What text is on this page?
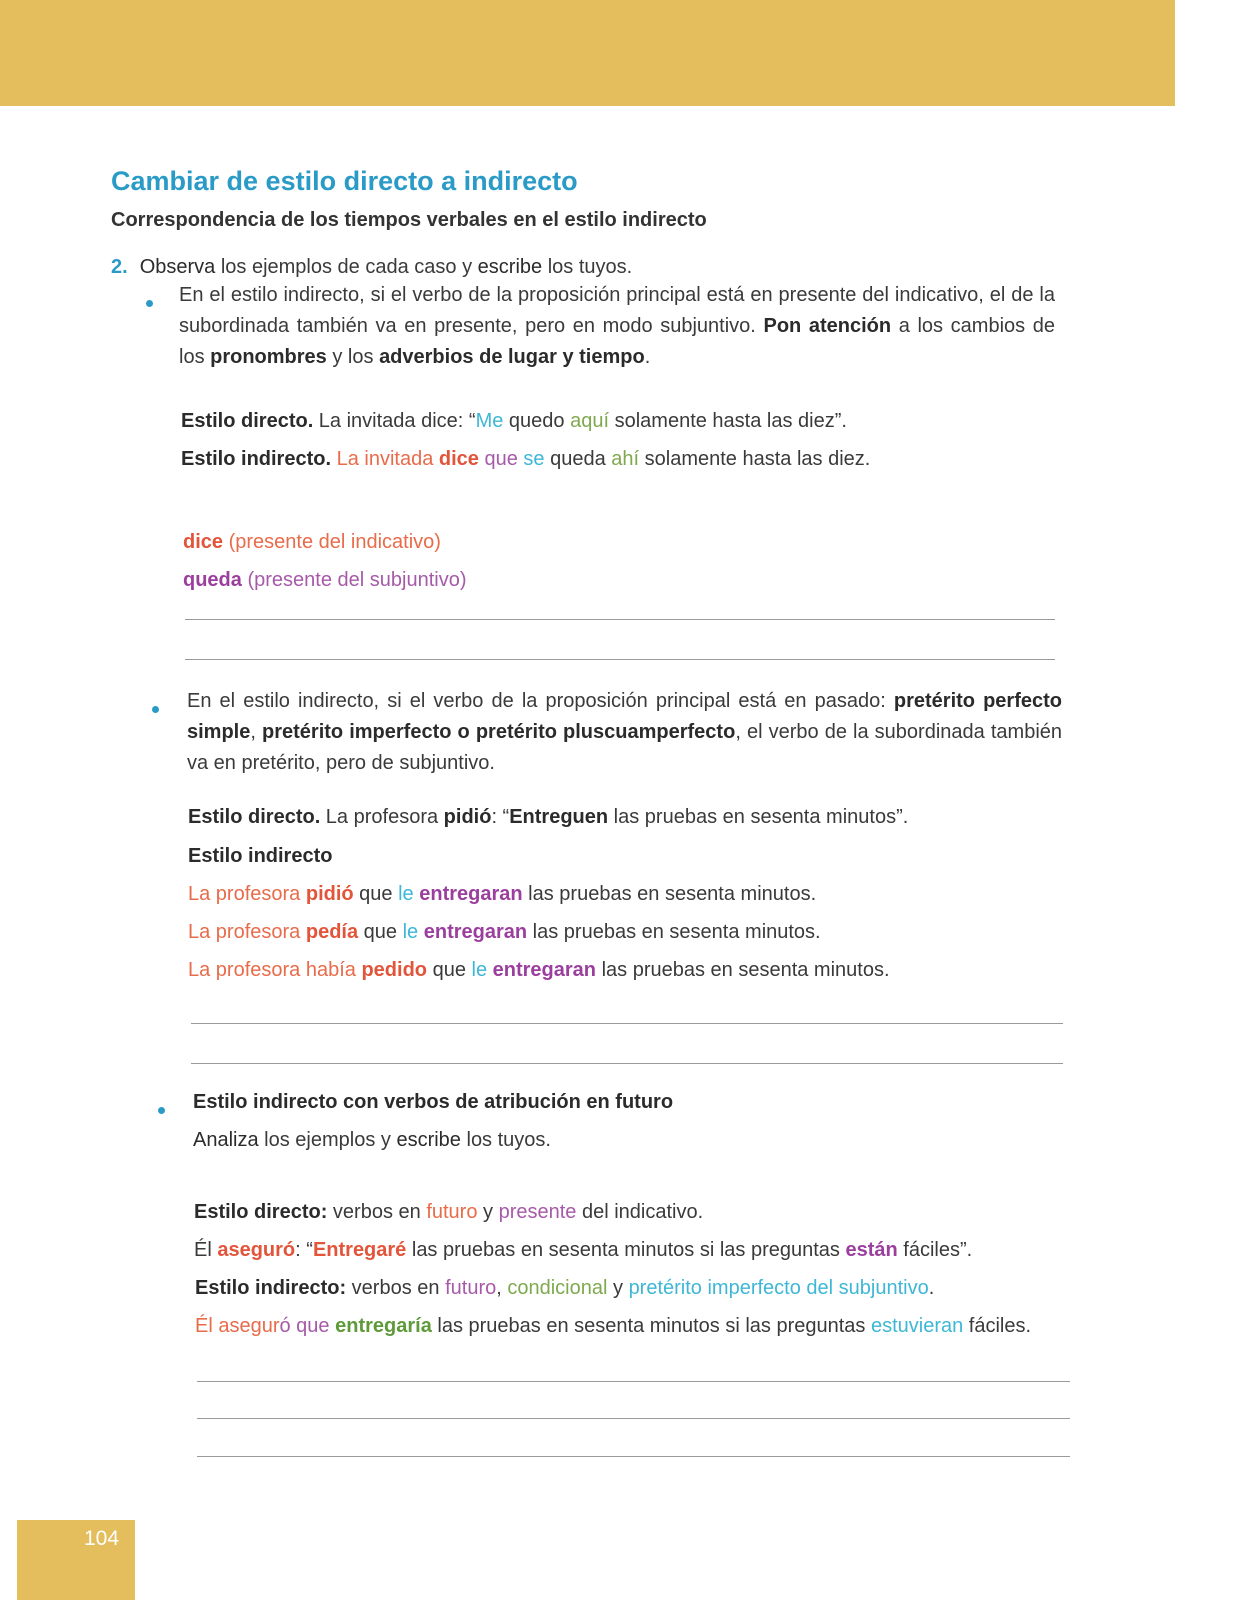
Cambiar de estilo directo a indirecto
Correspondencia de los tiempos verbales en el estilo indirecto
2. Observa los ejemplos de cada caso y escribe los tuyos.
En el estilo indirecto, si el verbo de la proposición principal está en presente del indicativo, el de la subordinada también va en presente, pero en modo subjuntivo. Pon atención a los cambios de los pronombres y los adverbios de lugar y tiempo.
Estilo directo. La invitada dice: “Me quedo aquí solamente hasta las diez”.
Estilo indirecto. La invitada dice que se queda ahí solamente hasta las diez.
dice (presente del indicativo)
queda (presente del subjuntivo)
En el estilo indirecto, si el verbo de la proposición principal está en pasado: pretérito perfecto simple, pretérito imperfecto o pretérito pluscuamperfecto, el verbo de la subordinada también va en pretérito, pero de subjuntivo.
Estilo directo. La profesora pidió: “Entreguen las pruebas en sesenta minutos”.
Estilo indirecto
La profesora pidió que le entregaran las pruebas en sesenta minutos.
La profesora pedía que le entregaran las pruebas en sesenta minutos.
La profesora había pedido que le entregaran las pruebas en sesenta minutos.
Estilo indirecto con verbos de atribución en futuro
Analiza los ejemplos y escribe los tuyos.
Estilo directo: verbos en futuro y presente del indicativo.
Él aseguró: “Entregaré las pruebas en sesenta minutos si las preguntas están fáciles”.
Estilo indirecto: verbos en futuro, condicional y pretérito imperfecto del subjuntivo.
Él aseguró que entregaría las pruebas en sesenta minutos si las preguntas estuvieran fáciles.
104
